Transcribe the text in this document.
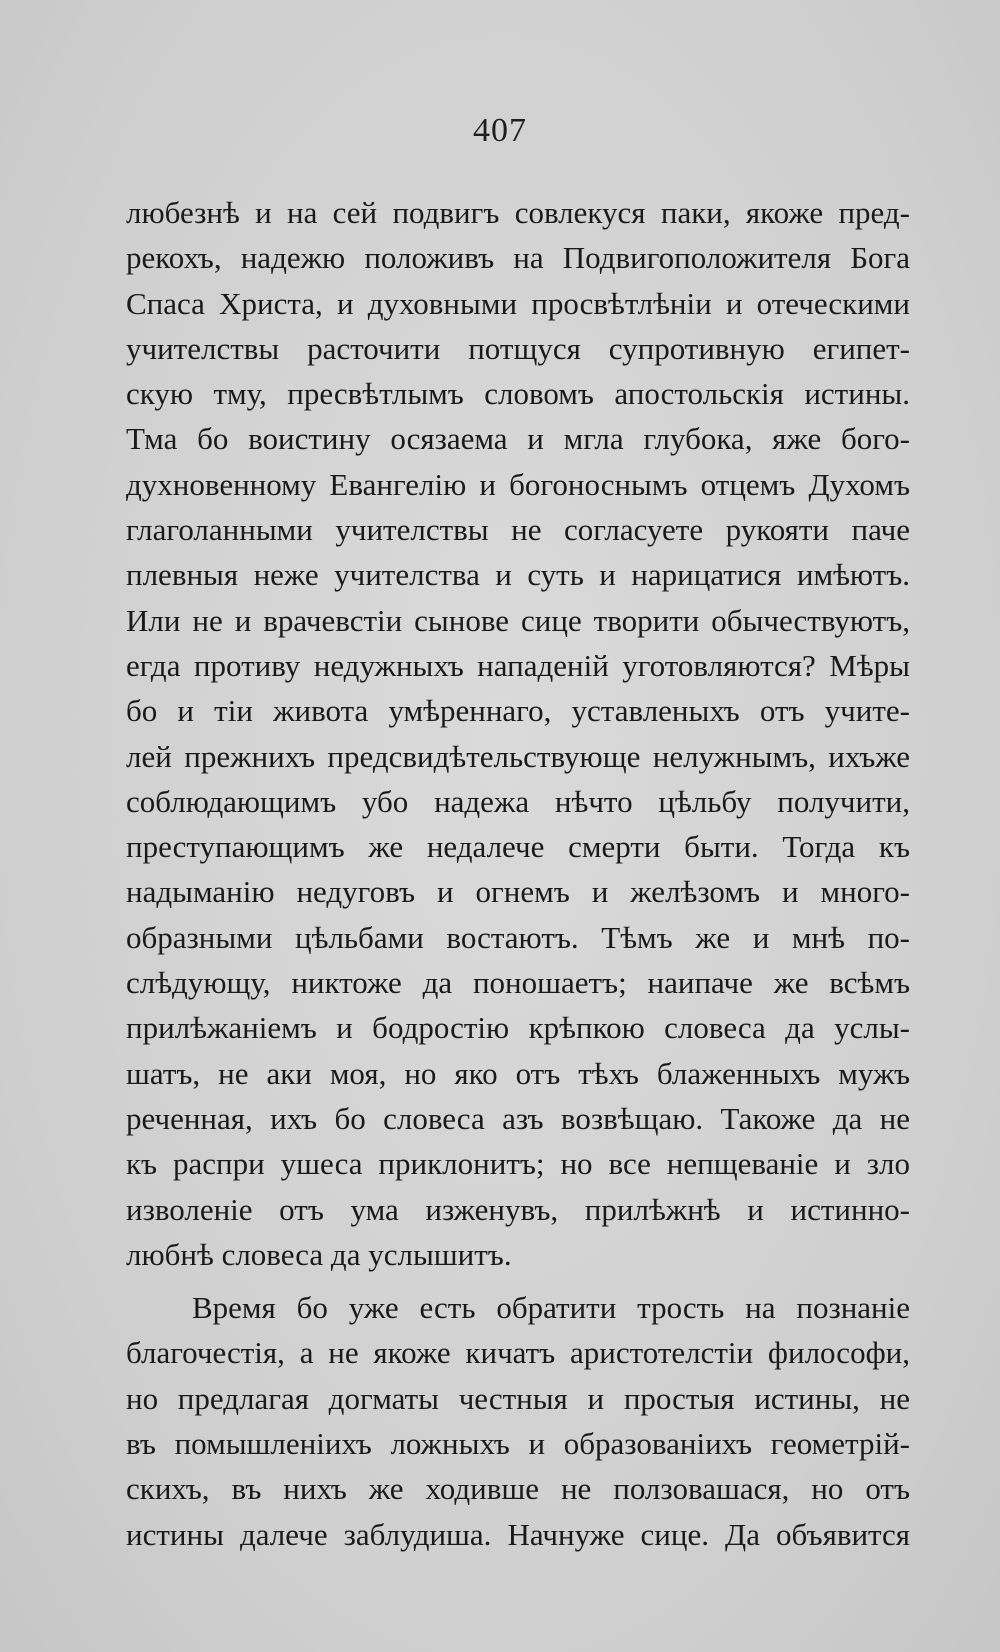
407
любезнѣ и на сей подвигъ совлекуся паки, якоже пред-
рекохъ, надежю положивъ на Подвигоположителя Бога
Спаса Христа, и духовными просвѣтлѣніи и отеческими
учителствы расточити потщуся супротивную египет-
скую тму, пресвѣтлымъ словомъ апостольскія истины.
Тма бо воистину осязаема и мгла глубока, яже бого-
духновенному Евангелію и богоноснымъ отцемъ Духомъ
глаголанными учителствы не согласуете рукояти паче
плевныя неже учителства и суть и нарицатися имѣютъ.
Или не и врачевстіи сынове сице творити обычествуютъ,
егда противу недужныхъ нападеній уготовляются? Мѣры
бо и тіи живота умѣреннаго, уставленыхъ отъ учите-
лей прежнихъ предсвидѣтельствующе нелужнымъ, ихъже
соблюдающимъ убо надежа нѣчто цѣльбу получити,
преступающимъ же недалече смерти быти. Тогда къ
надыманію недуговъ и огнемъ и желѣзомъ и много-
образными цѣльбами востаютъ. Тѣмъ же и мнѣ по-
слѣдующу, никтоже да поношаетъ; наипаче же всѣмъ
прилѣжаніемъ и бодростію крѣпкою словеса да услы-
шатъ, не аки моя, но яко отъ тѣхъ блаженныхъ мужъ
реченная, ихъ бо словеса азъ возвѣщаю. Такоже да не
къ распри ушеса приклонитъ; но все непщеваніе и зло
изволеніе отъ ума изженувъ, прилѣжнѣ и истинно-
любнѣ словеса да услышитъ.
Время бо уже есть обратити трость на познаніе
благочестія, а не якоже кичатъ аристотелстіи философи,
но предлагая догматы честныя и простыя истины, не
въ помышленіихъ ложныхъ и образованіихъ геометрій-
скихъ, въ нихъ же ходивше не ползовашася, но отъ
истины далече заблудиша. Начнуже сице. Да объявится
